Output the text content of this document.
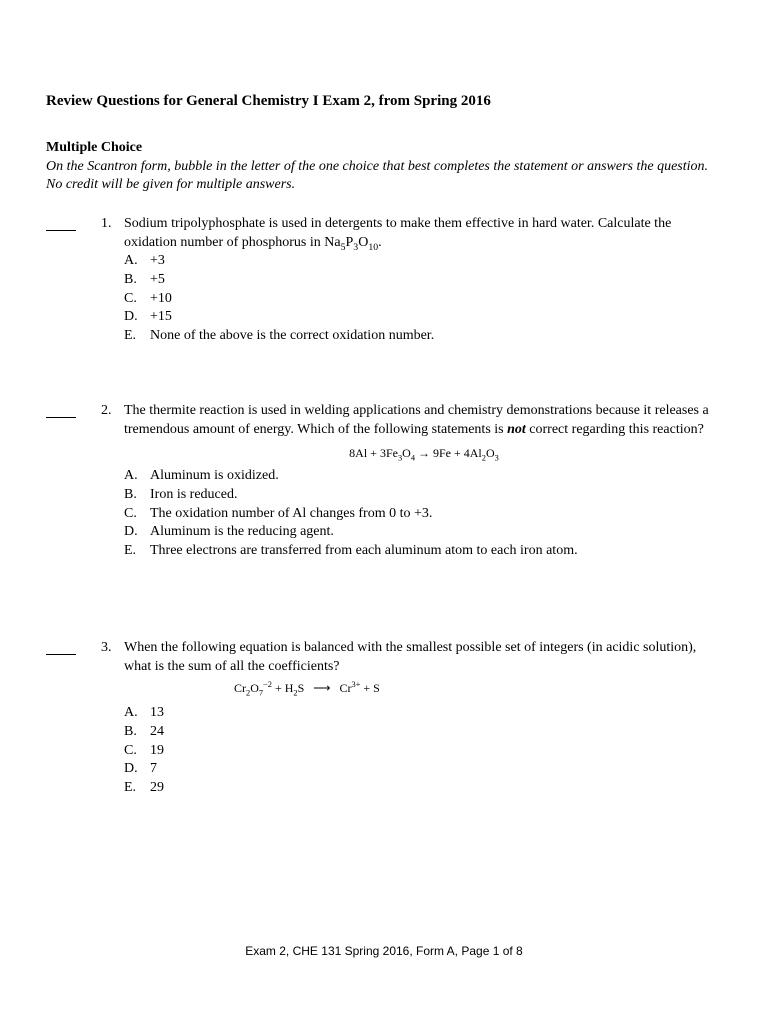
Review Questions for General Chemistry I Exam 2, from Spring 2016
Multiple Choice

On the Scantron form, bubble in the letter of the one choice that best completes the statement or answers the question. No credit will be given for multiple answers.

1. Sodium tripolyphosphate is used in detergents to make them effective in hard water. Calculate the oxidation number of phosphorus in $Na_5P_3O_{10}$.
A. +3
B. +5
C. +10
D. +15
E. None of the above is the correct oxidation number.
2. The thermite reaction is used in welding applications and chemistry demonstrations because it releases a tremendous amount of energy. Which of the following statements is not correct regarding this reaction?
$8Al + 3Fe_3O_4 \to 9Fe + 4Al_2O_3$
A. Aluminum is oxidized.
B. Iron is reduced.
C. The oxidation number of Al changes from 0 to +3.
D. Aluminum is the reducing agent.
E. Three electrons are transferred from each aluminum atom to each iron atom.
3. When the following equation is balanced with the smallest possible set of integers (in acidic solution), what is the sum of all the coefficients?
$Cr_2O_7^{-2} + H_2S$ ⟶ $Cr^{3+} + S$
A. 13
B. 24
C. 19
D. 7
E. 29
Exam 2, CHE 131 Spring 2016, Form A, Page 1 of 8
